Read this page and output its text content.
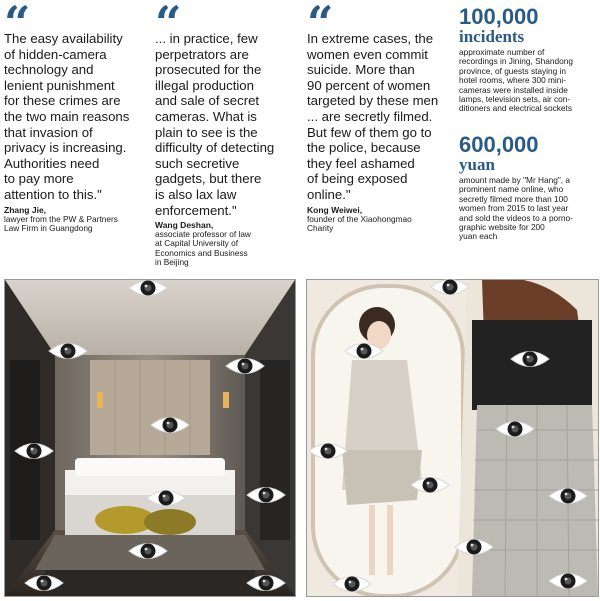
“
The easy availability
of hidden-camera
technology and
lenient punishment
for these crimes are
the two main reasons
that invasion of
privacy is increasing.
Authorities need
to pay more
attention to this."
Zhang Jie,
lawyer from the PW & Partners
Law Firm in Guangdong
“
... in practice, few
perpetrators are
prosecuted for the
illegal production
and sale of secret
cameras. What is
plain to see is the
difficulty of detecting
such secretive
gadgets, but there
is also lax law
enforcement."
Wang Deshan,
associate professor of law
at Capital University of
Economics and Business
in Beijing
“
In extreme cases, the
women even commit
suicide. More than
90 percent of women
targeted by these men
... are secretly filmed.
But few of them go to
the police, because
they feel ashamed
of being exposed
online."
Kong Weiwei,
founder of the Xiaohongmao
Charity
100,000
incidents
approximate number of
recordings in Jining, Shandong
province, of guests staying in
hotel rooms, where 300 mini-
cameras were installed inside
lamps, television sets, air con-
ditioners and electrical sockets
600,000
yuan
amount made by "Mr Hang", a
prominent name online, who
secretly filmed more than 100
women from 2015 to last year
and sold the videos to a porno-
graphic website for 200
yuan each
